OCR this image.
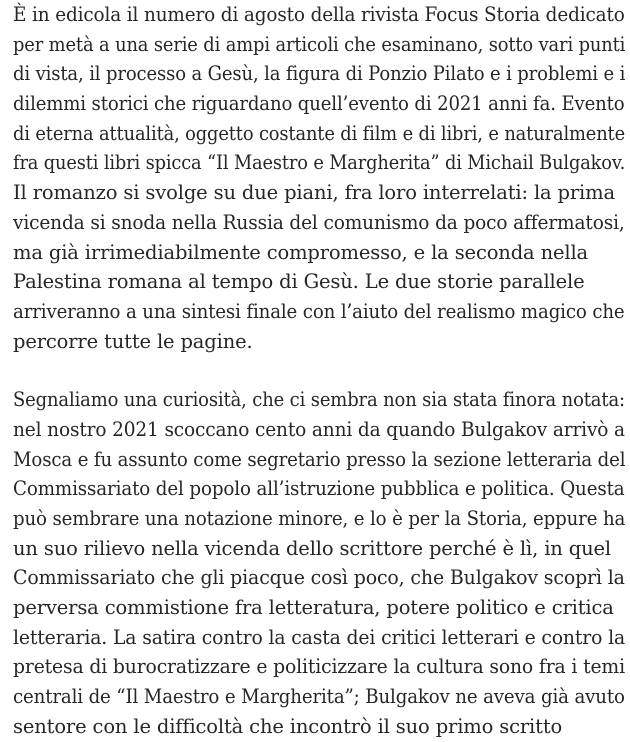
È in edicola il numero di agosto della rivista Focus Storia dedicato
per metà a una serie di ampi articoli che esaminano, sotto vari punti
di vista, il processo a Gesù, la figura di Ponzio Pilato e i problemi e i
dilemmi storici che riguardano quell’evento di 2021 anni fa. Evento
di eterna attualità, oggetto costante di film e di libri, e naturalmente
fra questi libri spicca “Il Maestro e Margherita” di Michail Bulgakov.
Il romanzo si svolge su due piani, fra loro interrelati: la prima
vicenda si snoda nella Russia del comunismo da poco affermatosi,
ma già irrimediabilmente compromesso, e la seconda nella
Palestina romana al tempo di Gesù. Le due storie parallele
arriveranno a una sintesi finale con l’aiuto del realismo magico che
percorre tutte le pagine.

Segnaliamo una curiosità, che ci sembra non sia stata finora notata:
nel nostro 2021 scoccano cento anni da quando Bulgakov arrivò a
Mosca e fu assunto come segretario presso la sezione letteraria del
Commissariato del popolo all’istruzione pubblica e politica. Questa
può sembrare una notazione minore, e lo è per la Storia, eppure ha
un suo rilievo nella vicenda dello scrittore perché è lì, in quel
Commissariato che gli piacque così poco, che Bulgakov scoprì la
perversa commistione fra letteratura, potere politico e critica
letteraria. La satira contro la casta dei critici letterari e contro la
pretesa di burocratizzare e politicizzare la cultura sono fra i temi
centrali de “Il Maestro e Margherita”; Bulgakov ne aveva già avuto
sentore con le difficoltà che incontrò il suo primo scritto
